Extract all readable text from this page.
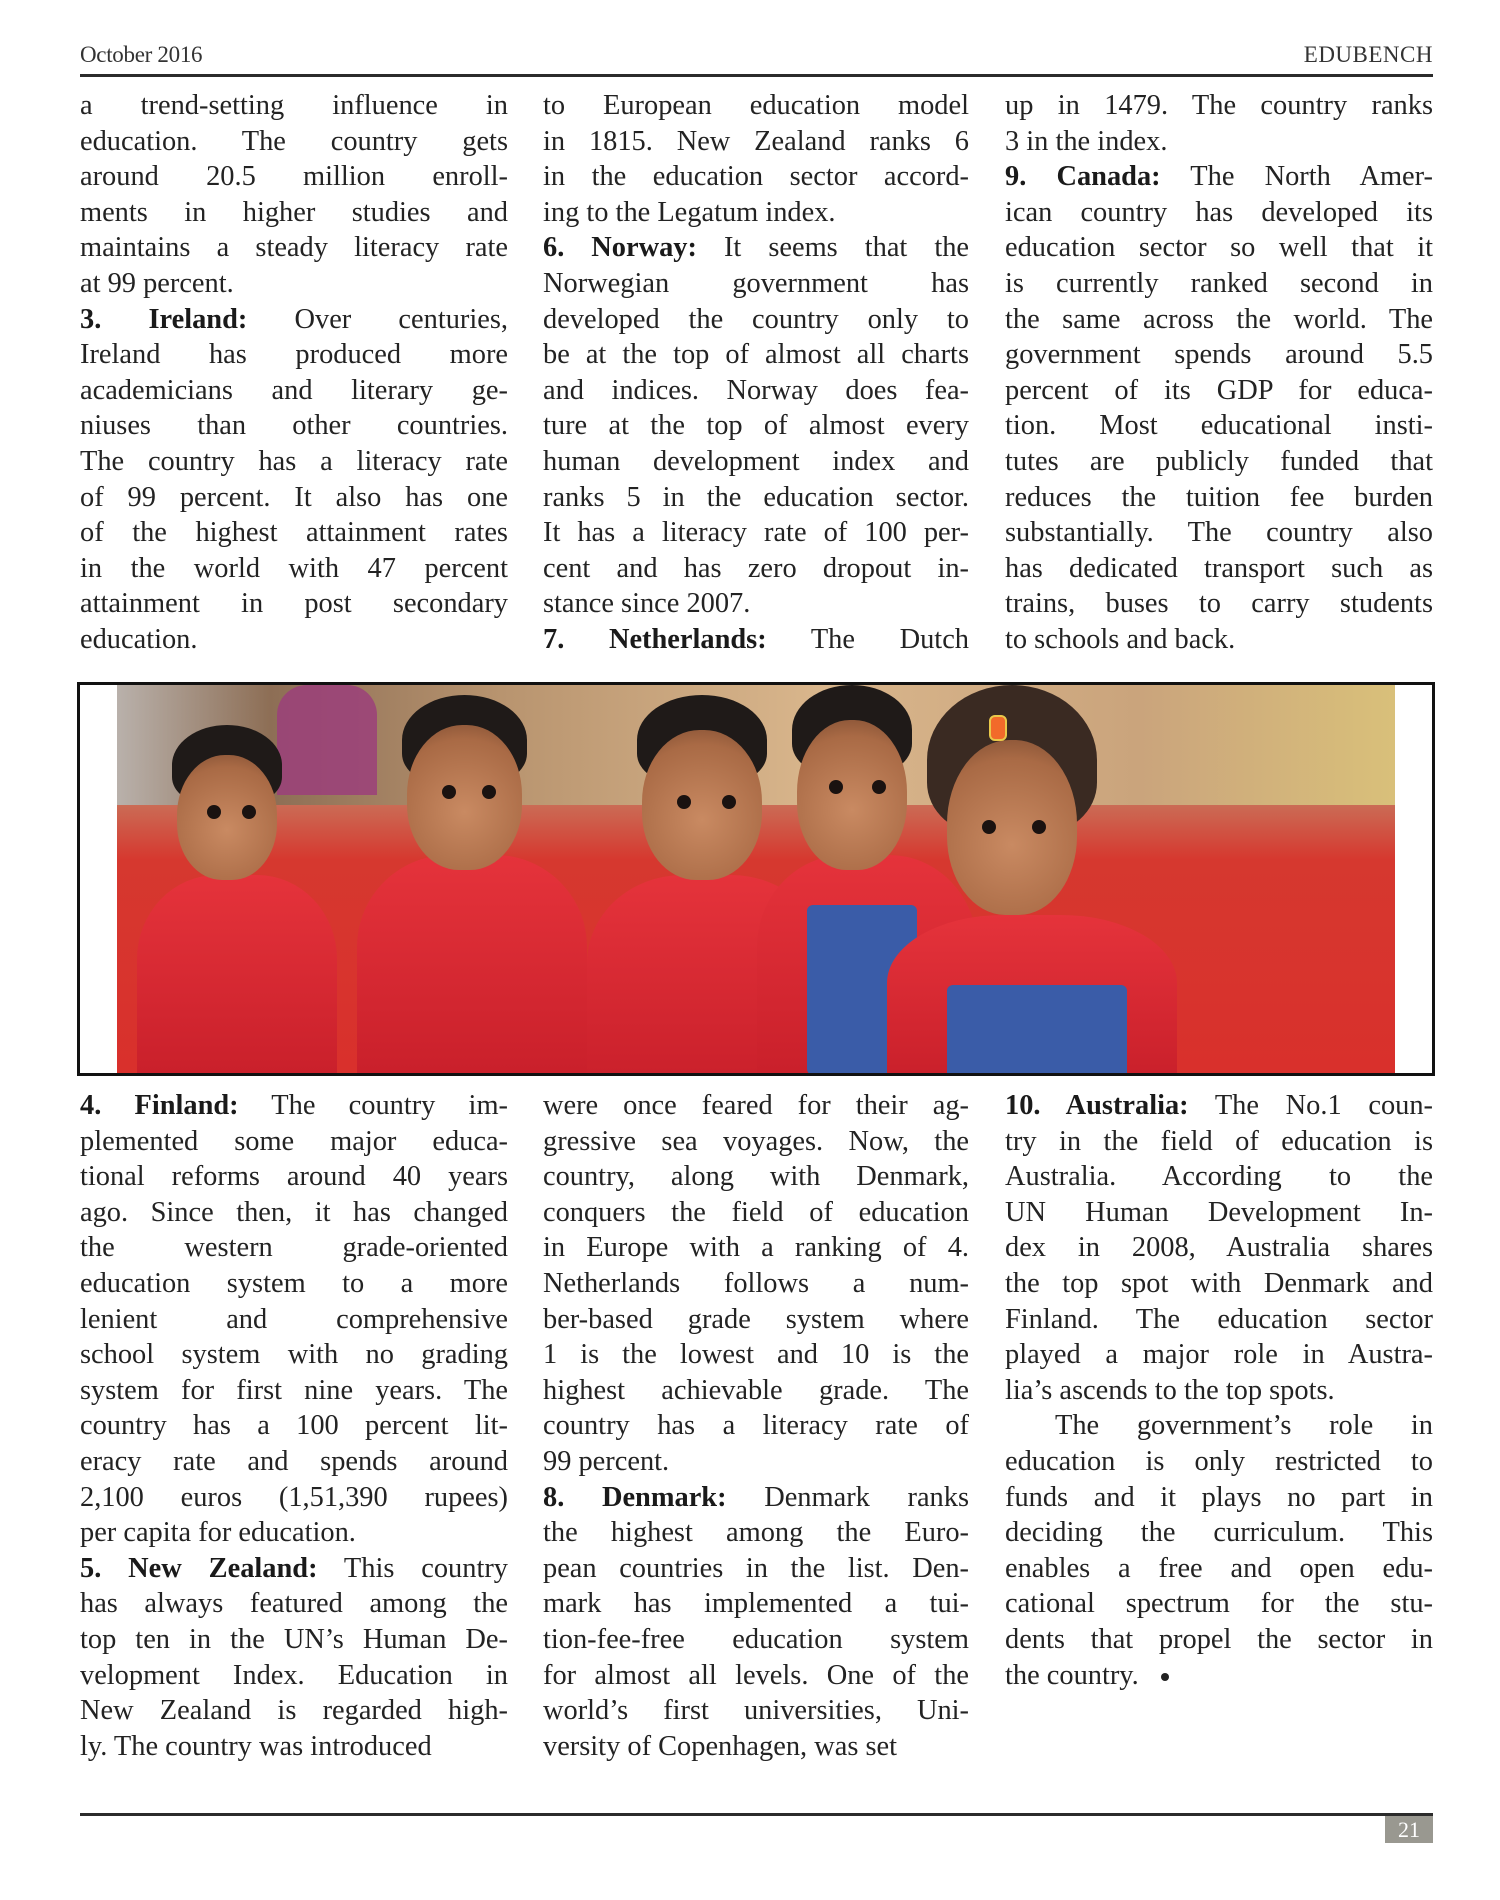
October 2016	EDUBENCH
a trend-setting influence in
education. The country gets
around 20.5 million enroll-
ments in higher studies and
maintains a steady literacy rate
at 99 percent.
3. Ireland: Over centuries,
Ireland has produced more
academicians and literary ge-
niuses than other countries.
The country has a literacy rate
of 99 percent. It also has one
of the highest attainment rates
in the world with 47 percent
attainment in post secondary
education.
to European education model
in 1815. New Zealand ranks 6
in the education sector accord-
ing to the Legatum index.
6. Norway: It seems that the
Norwegian government has
developed the country only to
be at the top of almost all charts
and indices. Norway does fea-
ture at the top of almost every
human development index and
ranks 5 in the education sector.
It has a literacy rate of 100 per-
cent and has zero dropout in-
stance since 2007.
7. Netherlands: The Dutch
up in 1479. The country ranks
3 in the index.
9. Canada: The North Amer-
ican country has developed its
education sector so well that it
is currently ranked second in
the same across the world. The
government spends around 5.5
percent of its GDP for educa-
tion. Most educational insti-
tutes are publicly funded that
reduces the tuition fee burden
substantially. The country also
has dedicated transport such as
trains, buses to carry students
to schools and back.
4. Finland: The country im-
plemented some major educa-
tional reforms around 40 years
ago. Since then, it has changed
the western grade-oriented
education system to a more
lenient and comprehensive
school system with no grading
system for first nine years. The
country has a 100 percent lit-
eracy rate and spends around
2,100 euros (1,51,390 rupees)
per capita for education.
5. New Zealand: This country
has always featured among the
top ten in the UN’s Human De-
velopment Index. Education in
New Zealand is regarded high-
ly. The country was introduced
were once feared for their ag-
gressive sea voyages. Now, the
country, along with Denmark,
conquers the field of education
in Europe with a ranking of 4.
Netherlands follows a num-
ber-based grade system where
1 is the lowest and 10 is the
highest achievable grade. The
country has a literacy rate of
99 percent.
8. Denmark: Denmark ranks
the highest among the Euro-
pean countries in the list. Den-
mark has implemented a tui-
tion-fee-free education system
for almost all levels. One of the
world’s first universities, Uni-
versity of Copenhagen, was set
10. Australia: The No.1 coun-
try in the field of education is
Australia. According to the
UN Human Development In-
dex in 2008, Australia shares
the top spot with Denmark and
Finland. The education sector
played a major role in Austra-
lia’s ascends to the top spots.
The government’s role in
education is only restricted to
funds and it plays no part in
deciding the curriculum. This
enables a free and open edu-
cational spectrum for the stu-
dents that propel the sector in
the country.
21
